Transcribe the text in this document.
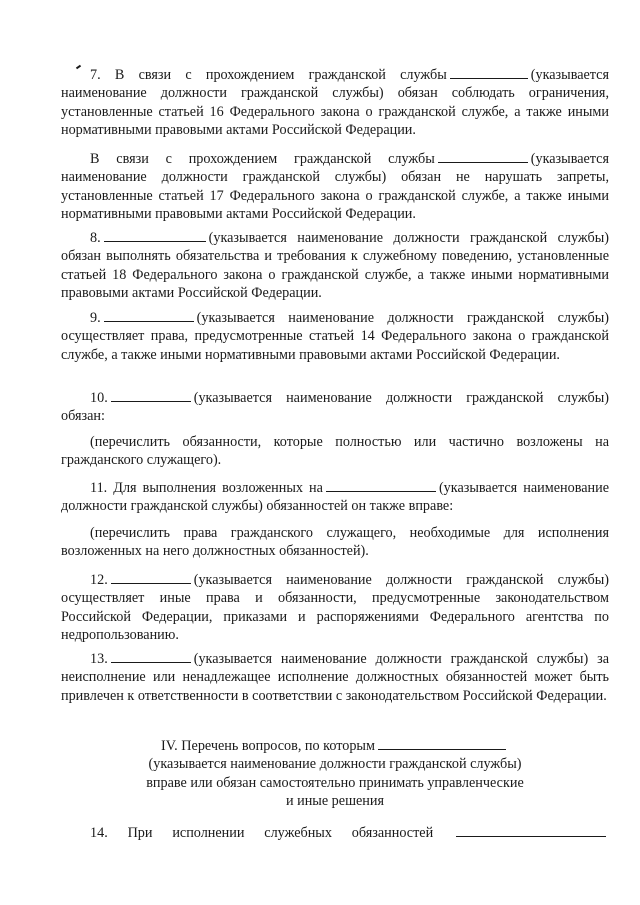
7. В связи с прохождением гражданской службы	(указывается наименование должности гражданской службы) обязан соблюдать ограничения, установленные статьей 16 Федерального закона о гражданской службе, а также иными нормативными правовыми актами Российской Федерации.
В связи с прохождением гражданской службы	(указывается наименование должности гражданской службы) обязан не нарушать запреты, установленные статьей 17 Федерального закона о гражданской службе, а также иными нормативными правовыми актами Российской Федерации.
8.	(указывается наименование должности гражданской службы) обязан выполнять обязательства и требования к служебному поведению, установленные статьей 18 Федерального закона о гражданской службе, а также иными нормативными правовыми актами Российской Федерации.
9.	(указывается наименование должности гражданской службы) осуществляет права, предусмотренные статьей 14 Федерального закона о гражданской службе, а также иными нормативными правовыми актами Российской Федерации.
10.	(указывается наименование должности гражданской службы) обязан:
(перечислить обязанности, которые полностью или частично возложены на гражданского служащего).
11. Для выполнения возложенных на	(указывается наименование должности гражданской службы) обязанностей он также вправе:
(перечислить права гражданского служащего, необходимые для исполнения возложенных на него должностных обязанностей).
12.	(указывается наименование должности гражданской службы) осуществляет иные права и обязанности, предусмотренные законодательством Российской Федерации, приказами и распоряжениями Федерального агентства по недропользованию.
13.	(указывается наименование должности гражданской службы) за неисполнение или ненадлежащее исполнение должностных обязанностей может быть привлечен к ответственности в соответствии с законодательством Российской Федерации.
IV. Перечень вопросов, по которым
(указывается наименование должности гражданской службы)
вправе или обязан самостоятельно принимать управленческие
и иные решения
14. При исполнении служебных обязанностей
